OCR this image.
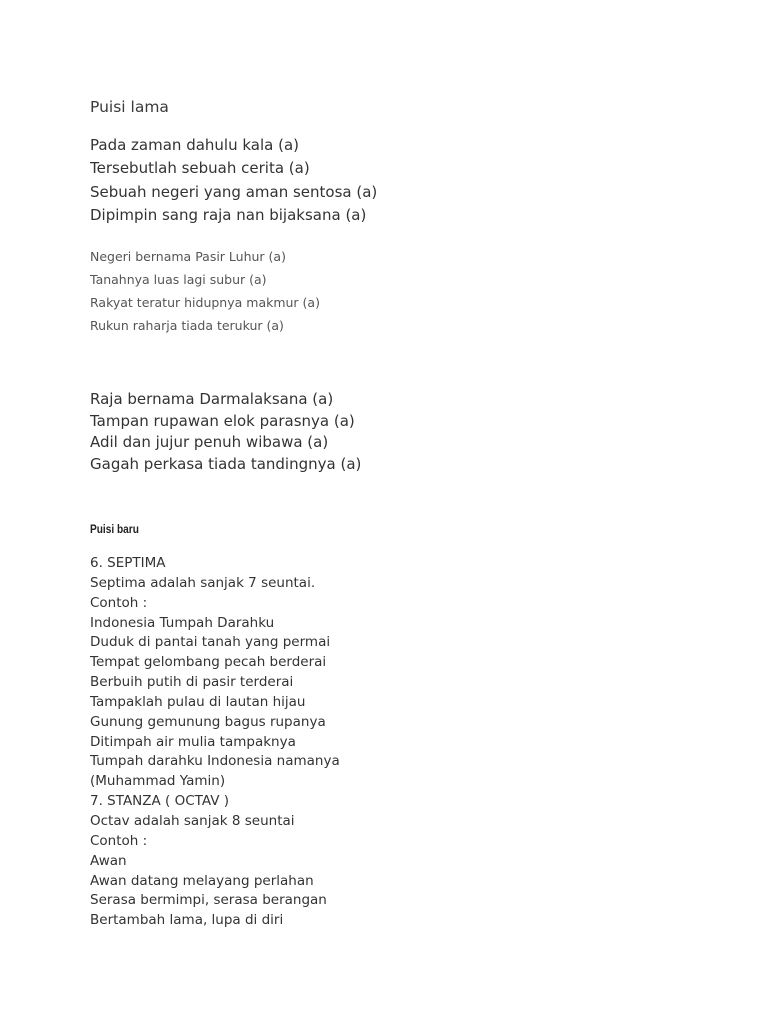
Puisi lama

Pada zaman dahulu kala (a)
Tersebutlah sebuah cerita (a)
Sebuah negeri yang aman sentosa (a)
Dipimpin sang raja nan bijaksana (a)
Negeri bernama Pasir Luhur (a)
Tanahnya luas lagi subur (a)
Rakyat teratur hidupnya makmur (a)
Rukun raharja tiada terukur (a)
Raja bernama Darmalaksana (a)
Tampan rupawan elok parasnya (a)
Adil dan jujur penuh wibawa (a)
Gagah perkasa tiada tandingnya (a)

Puisi baru

6. SEPTIMA
Septima adalah sanjak 7 seuntai.
Contoh :
Indonesia Tumpah Darahku
Duduk di pantai tanah yang permai
Tempat gelombang pecah berderai
Berbuih putih di pasir terderai
Tampaklah pulau di lautan hijau
Gunung gemunung bagus rupanya
Ditimpah air mulia tampaknya
Tumpah darahku Indonesia namanya
(Muhammad Yamin)
7. STANZA ( OCTAV )
Octav adalah sanjak 8 seuntai
Contoh :
Awan
Awan datang melayang perlahan
Serasa bermimpi, serasa berangan
Bertambah lama, lupa di diri
